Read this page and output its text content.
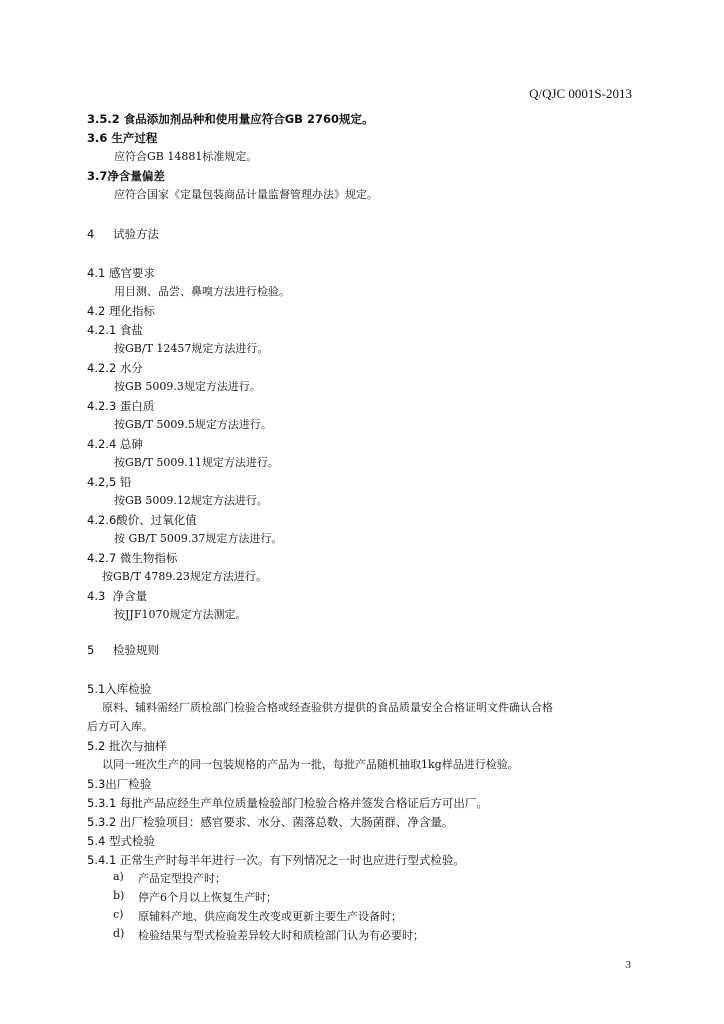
Q/QJC 0001S-2013
3.5.2 食品添加剂品种和使用量应符合GB 2760规定。
3.6 生产过程
应符合GB 14881标准规定。
3.7净含量偏差
应符合国家《定量包装商品计量监督管理办法》规定。
4 试验方法
4.1 感官要求
用目测、品尝、鼻嗅方法进行检验。
4.2 理化指标
4.2.1 食盐
按GB/T 12457规定方法进行。
4.2.2 水分
按GB 5009.3规定方法进行。
4.2.3 蛋白质
按GB/T 5009.5规定方法进行。
4.2.4 总砷
按GB/T 5009.11规定方法进行。
4.2,5 铅
按GB 5009.12规定方法进行。
4.2.6酸价、过氧化值
按 GB/T 5009.37规定方法进行。
4.2.7 微生物指标
按GB/T 4789.23规定方法进行。
4.3  净含量
按JJF1070规定方法测定。
5 检验规则
5.1入库检验
原料、辅料需经厂质检部门检验合格或经查验供方提供的食品质量安全合格证明文件确认合格
后方可入库。
5.2 批次与抽样
以同一班次生产的同一包装规格的产品为一批，每批产品随机抽取1kg样品进行检验。
5.3出厂检验
5.3.1 每批产品应经生产单位质量检验部门检验合格并签发合格证后方可出厂。
5.3.2 出厂检验项目：感官要求、水分、菌落总数、大肠菌群、净含量。
5.4 型式检验
5.4.1 正常生产时每半年进行一次。有下列情况之一时也应进行型式检验。
a)	产品定型投产时；
b)	停产6个月以上恢复生产时；
c)	原辅料产地、供应商发生改变或更新主要生产设备时；
d)	检验结果与型式检验差异较大时和质检部门认为有必要时；
3
